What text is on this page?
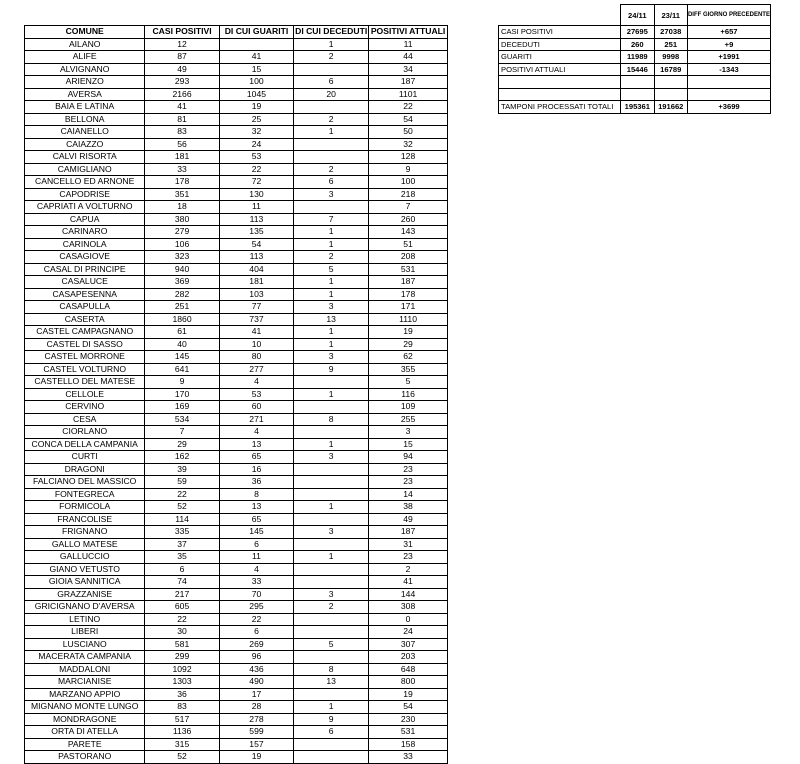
COMUNE	CASI POSITIVI	DI CUI GUARITI	DI CUI DECEDUTI	POSITIVI ATTUALI
AILANO	12		1	11
ALIFE	87	41	2	44
ALVIGNANO	49	15		34
ARIENZO	293	100	6	187
AVERSA	2166	1045	20	1101
BAIA E LATINA	41	19		22
BELLONA	81	25	2	54
CAIANELLO	83	32	1	50
CAIAZZO	56	24		32
CALVI RISORTA	181	53		128
CAMIGLIANO	33	22	2	9
CANCELLO ED ARNONE	178	72	6	100
CAPODRISE	351	130	3	218
CAPRIATI A VOLTURNO	18	11		7
CAPUA	380	113	7	260
CARINARO	279	135	1	143
CARINOLA	106	54	1	51
CASAGIOVE	323	113	2	208
CASAL DI PRINCIPE	940	404	5	531
CASALUCE	369	181	1	187
CASAPESENNA	282	103	1	178
CASAPULLA	251	77	3	171
CASERTA	1860	737	13	1110
CASTEL CAMPAGNANO	61	41	1	19
CASTEL DI SASSO	40	10	1	29
CASTEL MORRONE	145	80	3	62
CASTEL VOLTURNO	641	277	9	355
CASTELLO DEL MATESE	9	4		5
CELLOLE	170	53	1	116
CERVINO	169	60		109
CESA	534	271	8	255
CIORLANO	7	4		3
CONCA DELLA CAMPANIA	29	13	1	15
CURTI	162	65	3	94
DRAGONI	39	16		23
FALCIANO DEL MASSICO	59	36		23
FONTEGRECA	22	8		14
FORMICOLA	52	13	1	38
FRANCOLISE	114	65		49
FRIGNANO	335	145	3	187
GALLO MATESE	37	6		31
GALLUCCIO	35	11	1	23
GIANO VETUSTO	6	4		2
GIOIA SANNITICA	74	33		41
GRAZZANISE	217	70	3	144
GRICIGNANO D'AVERSA	605	295	2	308
LETINO	22	22		0
LIBERI	30	6		24
LUSCIANO	581	269	5	307
MACERATA CAMPANIA	299	96		203
MADDALONI	1092	436	8	648
MARCIANISE	1303	490	13	800
MARZANO APPIO	36	17		19
MIGNANO MONTE LUNGO	83	28	1	54
MONDRAGONE	517	278	9	230
ORTA DI ATELLA	1136	599	6	531
PARETE	315	157		158
PASTORANO	52	19		33
	24/11	23/11	DIFF GIORNO PRECEDENTE
CASI POSITIVI	27695	27038	+657
DECEDUTI	260	251	+9
GUARITI	11989	9998	+1991
POSITIVI ATTUALI	15446	16789	-1343

TAMPONI PROCESSATI TOTALI	195361	191662	+3699
